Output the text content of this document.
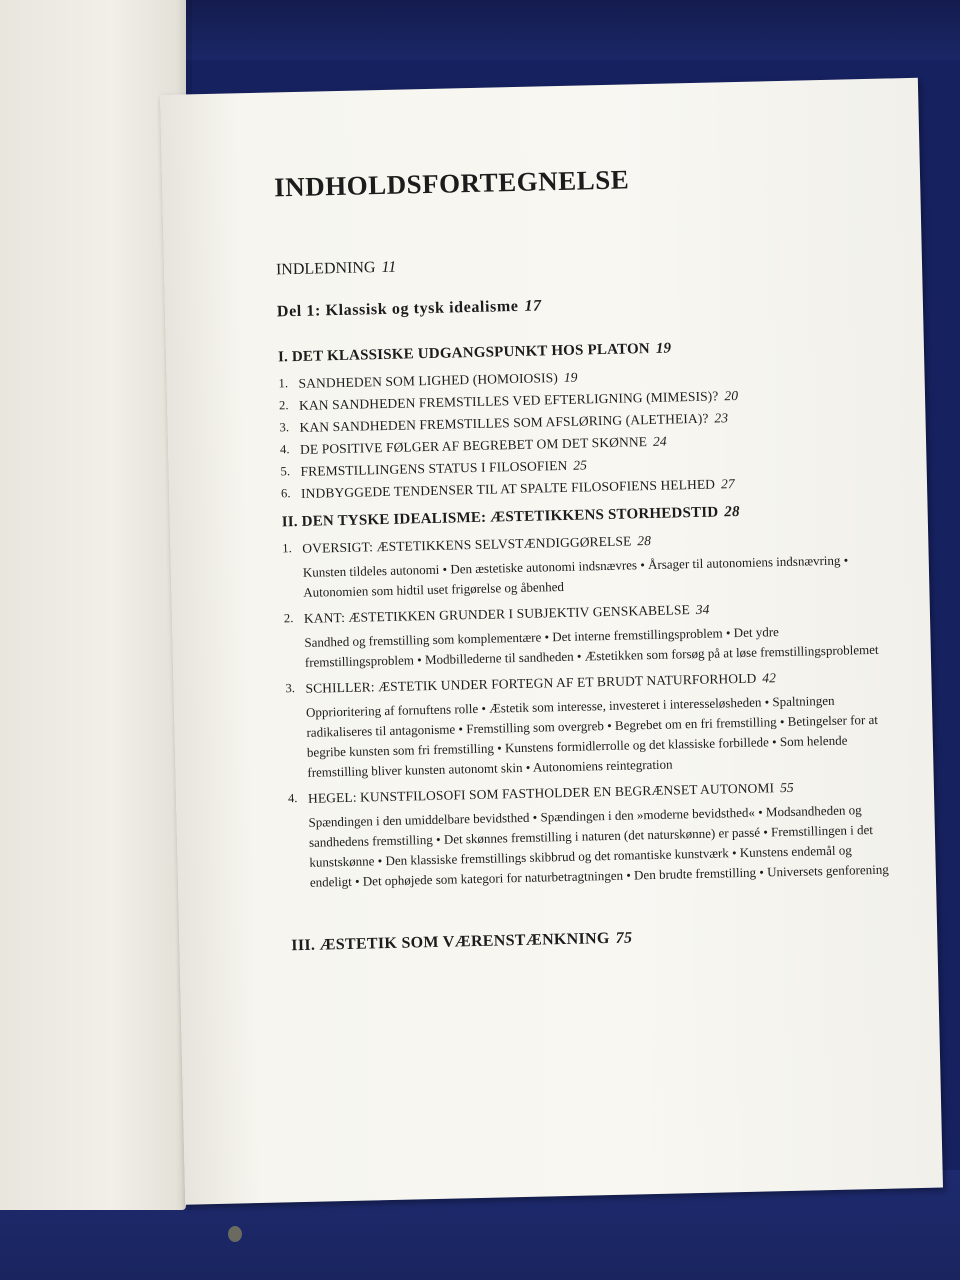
INDHOLDSFORTEGNELSE
INDLEDNING 11
Del 1: Klassisk og tysk idealisme 17
I. DET KLASSISKE UDGANGSPUNKT HOS PLATON 19
1. SANDHEDEN SOM LIGHED (HOMOIOSIS) 19
2. KAN SANDHEDEN FREMSTILLES VED EFTERLIGNING (MIMESIS)? 20
3. KAN SANDHEDEN FREMSTILLES SOM AFSLØRING (ALETHEIA)? 23
4. DE POSITIVE FØLGER AF BEGREBET OM DET SKØNNE 24
5. FREMSTILLINGENS STATUS I FILOSOFIEN 25
6. INDBYGGEDE TENDENSER TIL AT SPALTE FILOSOFIENS HELHED 27
II. DEN TYSKE IDEALISME: ÆSTETIKKENS STORHEDSTID 28
1. OVERSIGT: ÆSTETIKKENS SELVSTÆNDIGGØRELSE 28
Kunsten tildeles autonomi • Den æstetiske autonomi indsnævres • Årsager til autonomiens indsnævring • Autonomien som hidtil uset frigørelse og åbenhed
2. KANT: ÆSTETIKKEN GRUNDER I SUBJEKTIV GENSKABELSE 34
Sandhed og fremstilling som komplementære • Det interne fremstillingsproblem • Det ydre fremstillingsproblem • Modbillederne til sandheden • Æstetikken som forsøg på at løse fremstillingsproblemet
3. SCHILLER: ÆSTETIK UNDER FORTEGN AF ET BRUDT NATURFORHOLD 42
Opprioritering af fornuftens rolle • Æstetik som interesse, investeret i interesseløsheden • Spaltningen radikaliseres til antagonisme • Fremstilling som overgreb • Begrebet om en fri fremstilling • Betingelser for at begribe kunsten som fri fremstilling • Kunstens formidlerrolle og det klassiske forbillede • Som helende fremstilling bliver kunsten autonomt skin • Autonomiens reintegration
4. HEGEL: KUNSTFILOSOFI SOM FASTHOLDER EN BEGRÆNSET AUTONOMI 55
Spændingen i den umiddelbare bevidsthed • Spændingen i den »moderne bevidsthed« • Modsandheden og sandhedens fremstilling • Det skønnes fremstilling i naturen (det naturskønne) er passé • Fremstillingen i det kunstskønne • Den klassiske fremstillings skibbrud og det romantiske kunstværk • Kunstens endemål og endeligt • Det ophøjede som kategori for naturbetragtningen • Den brudte fremstilling • Universets genforening
III. ÆSTETIK SOM VÆRENSTÆNKNING 75
